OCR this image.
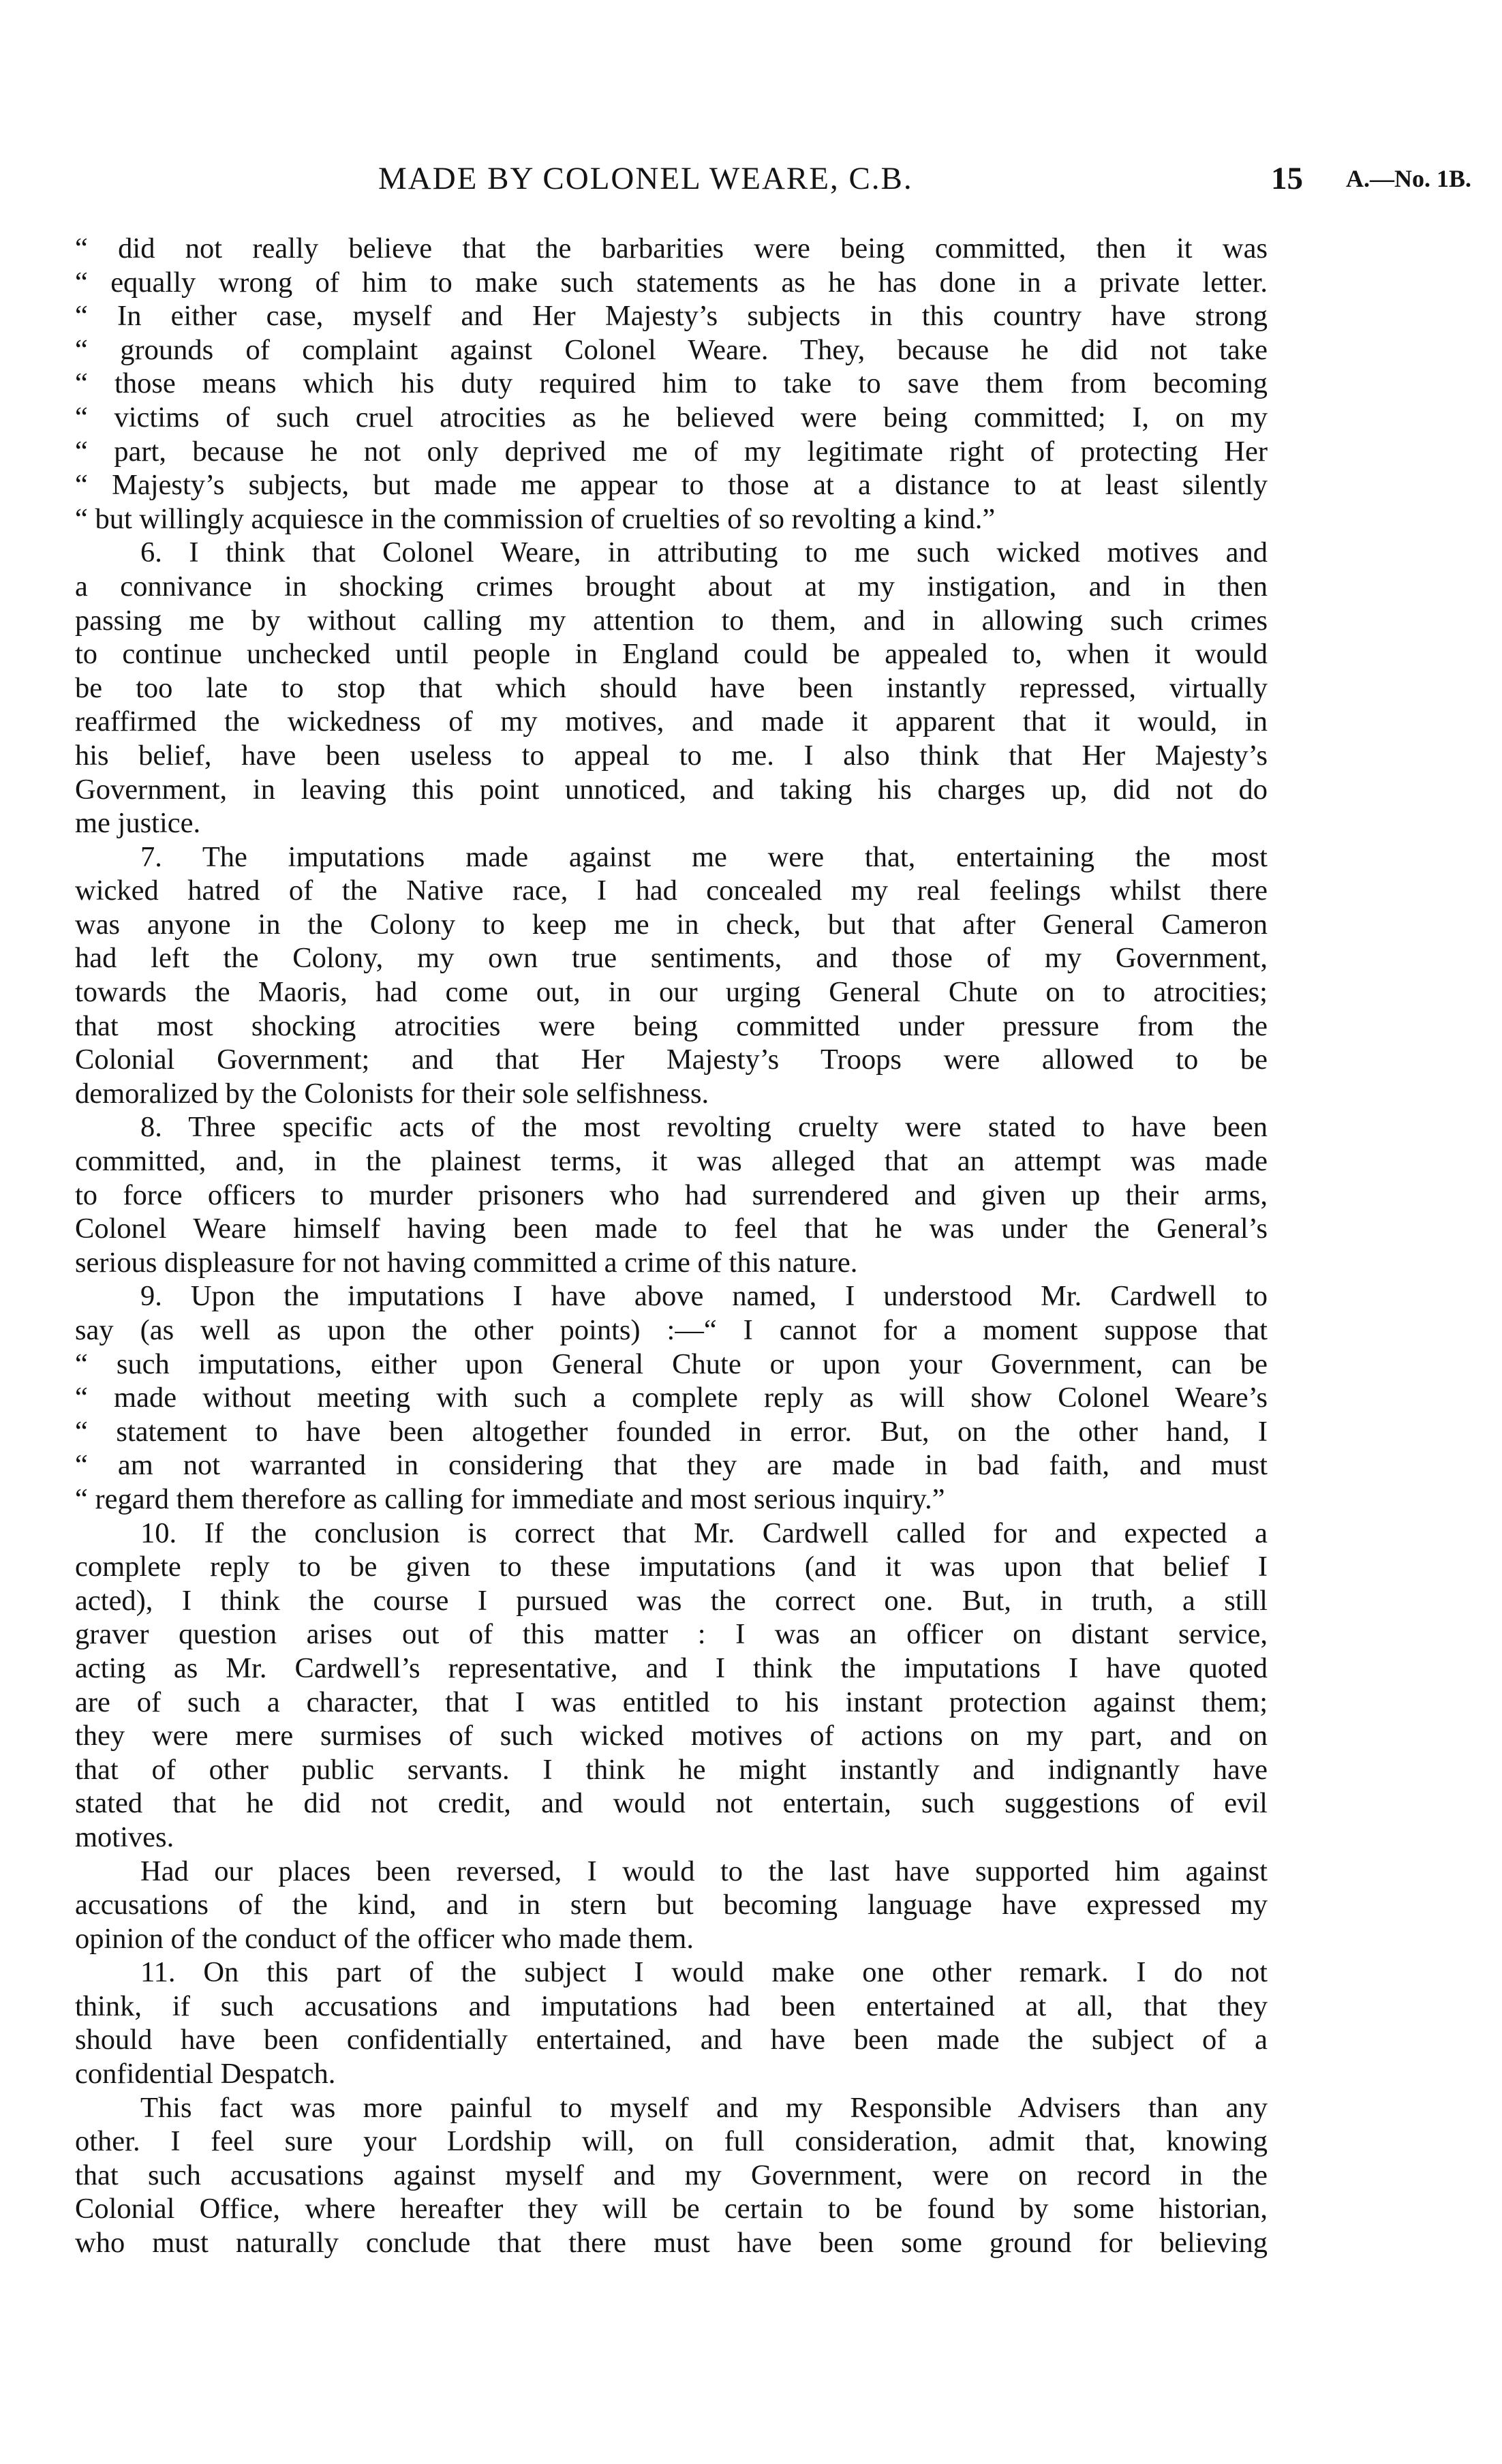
MADE BY COLONEL WEARE, C.B.	15 A.—No. 1B.
“ did not really believe that the barbarities were being committed, then it was
“ equally wrong of him to make such statements as he has done in a private letter.
“ In either case, myself and Her Majesty’s subjects in this country have strong
“ grounds of complaint against Colonel Weare. They, because he did not take
“ those means which his duty required him to take to save them from becoming
“ victims of such cruel atrocities as he believed were being committed; I, on my
“ part, because he not only deprived me of my legitimate right of protecting Her
“ Majesty’s subjects, but made me appear to those at a distance to at least silently
“ but willingly acquiesce in the commission of cruelties of so revolting a kind.”
6. I think that Colonel Weare, in attributing to me such wicked motives and
a connivance in shocking crimes brought about at my instigation, and in then
passing me by without calling my attention to them, and in allowing such crimes
to continue unchecked until people in England could be appealed to, when it would
be too late to stop that which should have been instantly repressed, virtually
reaffirmed the wickedness of my motives, and made it apparent that it would, in
his belief, have been useless to appeal to me. I also think that Her Majesty’s
Government, in leaving this point unnoticed, and taking his charges up, did not do
me justice.
7. The imputations made against me were that, entertaining the most
wicked hatred of the Native race, I had concealed my real feelings whilst there
was anyone in the Colony to keep me in check, but that after General Cameron
had left the Colony, my own true sentiments, and those of my Government,
towards the Maoris, had come out, in our urging General Chute on to atrocities;
that most shocking atrocities were being committed under pressure from the
Colonial Government; and that Her Majesty’s Troops were allowed to be
demoralized by the Colonists for their sole selfishness.
8. Three specific acts of the most revolting cruelty were stated to have been
committed, and, in the plainest terms, it was alleged that an attempt was made
to force officers to murder prisoners who had surrendered and given up their arms,
Colonel Weare himself having been made to feel that he was under the General’s
serious displeasure for not having committed a crime of this nature.
9. Upon the imputations I have above named, I understood Mr. Cardwell to
say (as well as upon the other points) :—“ I cannot for a moment suppose that
“ such imputations, either upon General Chute or upon your Government, can be
“ made without meeting with such a complete reply as will show Colonel Weare’s
“ statement to have been altogether founded in error. But, on the other hand, I
“ am not warranted in considering that they are made in bad faith, and must
“ regard them therefore as calling for immediate and most serious inquiry.”
10. If the conclusion is correct that Mr. Cardwell called for and expected a
complete reply to be given to these imputations (and it was upon that belief I
acted), I think the course I pursued was the correct one. But, in truth, a still
graver question arises out of this matter : I was an officer on distant service,
acting as Mr. Cardwell’s representative, and I think the imputations I have quoted
are of such a character, that I was entitled to his instant protection against them;
they were mere surmises of such wicked motives of actions on my part, and on
that of other public servants. I think he might instantly and indignantly have
stated that he did not credit, and would not entertain, such suggestions of evil
motives.
Had our places been reversed, I would to the last have supported him against
accusations of the kind, and in stern but becoming language have expressed my
opinion of the conduct of the officer who made them.
11. On this part of the subject I would make one other remark. I do not
think, if such accusations and imputations had been entertained at all, that they
should have been confidentially entertained, and have been made the subject of a
confidential Despatch.
This fact was more painful to myself and my Responsible Advisers than any
other. I feel sure your Lordship will, on full consideration, admit that, knowing
that such accusations against myself and my Government, were on record in the
Colonial Office, where hereafter they will be certain to be found by some historian,
who must naturally conclude that there must have been some ground for believing
